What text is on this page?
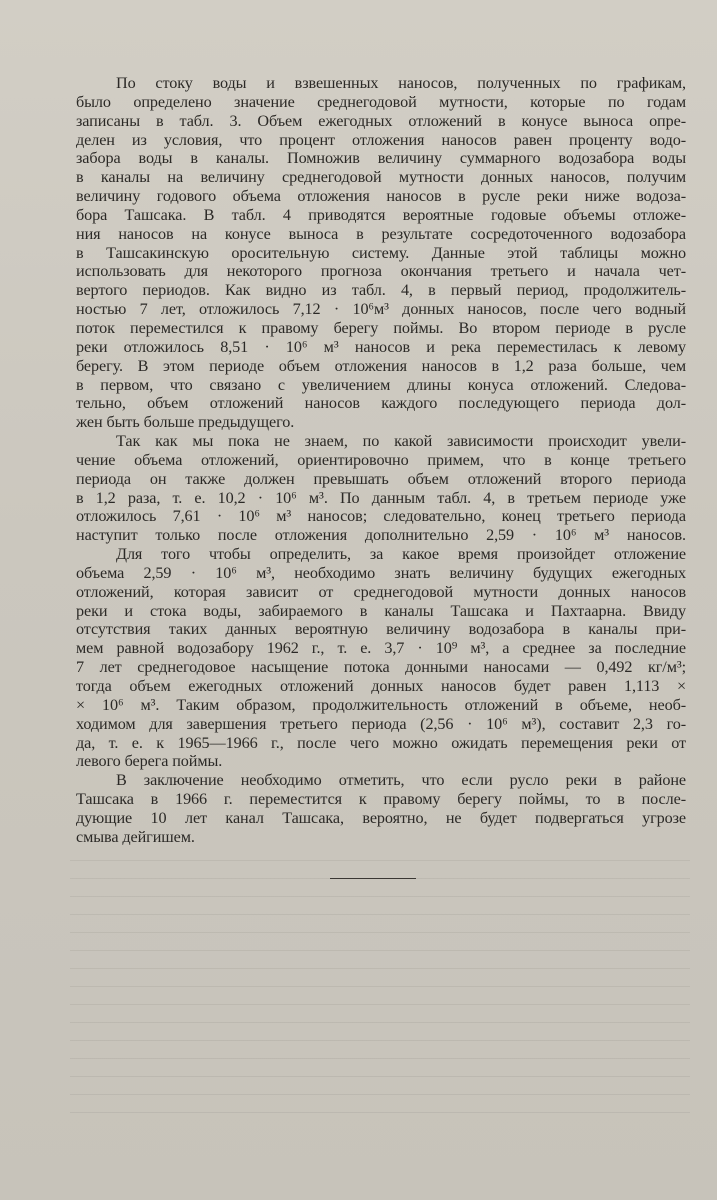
По стоку воды и взвешенных наносов, полученных по графикам,
было определено значение среднегодовой мутности, которые по годам
записаны в табл. 3. Объем ежегодных отложений в конусе выноса опре-
делен из условия, что процент отложения наносов равен проценту водо-
забора воды в каналы. Помножив величину суммарного водозабора воды
в каналы на величину среднегодовой мутности донных наносов, получим
величину годового объема отложения наносов в русле реки ниже водоза-
бора Ташсака. В табл. 4 приводятся вероятные годовые объемы отложе-
ния наносов на конусе выноса в результате сосредоточенного водозабора
в Ташсакинскую оросительную систему. Данные этой таблицы можно
использовать для некоторого прогноза окончания третьего и начала чет-
вертого периодов. Как видно из табл. 4, в первый период, продолжитель-
ностью 7 лет, отложилось 7,12 · 10⁶м³ донных наносов, после чего водный
поток переместился к правому берегу поймы. Во втором периоде в русле
реки отложилось 8,51 · 10⁶ м³ наносов и река переместилась к левому
берегу. В этом периоде объем отложения наносов в 1,2 раза больше, чем
в первом, что связано с увеличением длины конуса отложений. Следова-
тельно, объем отложений наносов каждого последующего периода дол-
жен быть больше предыдущего.

Так как мы пока не знаем, по какой зависимости происходит увели-
чение объема отложений, ориентировочно примем, что в конце третьего
периода он также должен превышать объем отложений второго периода
в 1,2 раза, т. е. 10,2 · 10⁶ м³. По данным табл. 4, в третьем периоде уже
отложилось 7,61 · 10⁶ м³ наносов; следовательно, конец третьего периода
наступит только после отложения дополнительно 2,59 · 10⁶ м³ наносов.

Для того чтобы определить, за какое время произойдет отложение
объема 2,59 · 10⁶ м³, необходимо знать величину будущих ежегодных
отложений, которая зависит от среднегодовой мутности донных наносов
реки и стока воды, забираемого в каналы Ташсака и Пахтаарна. Ввиду
отсутствия таких данных вероятную величину водозабора в каналы при-
мем равной водозабору 1962 г., т. е. 3,7 · 10⁹ м³, а среднее за последние
7 лет среднегодовое насыщение потока донными наносами — 0,492 кг/м³;
тогда объем ежегодных отложений донных наносов будет равен 1,113 ×
× 10⁶ м³. Таким образом, продолжительность отложений в объеме, необ-
ходимом для завершения третьего периода (2,56 · 10⁶ м³), составит 2,3 го-
да, т. е. к 1965—1966 г., после чего можно ожидать перемещения реки от
левого берега поймы.

В заключение необходимо отметить, что если русло реки в районе
Ташсака в 1966 г. переместится к правому берегу поймы, то в после-
дующие 10 лет канал Ташсака, вероятно, не будет подвергаться угрозе
смыва дейгишем.
